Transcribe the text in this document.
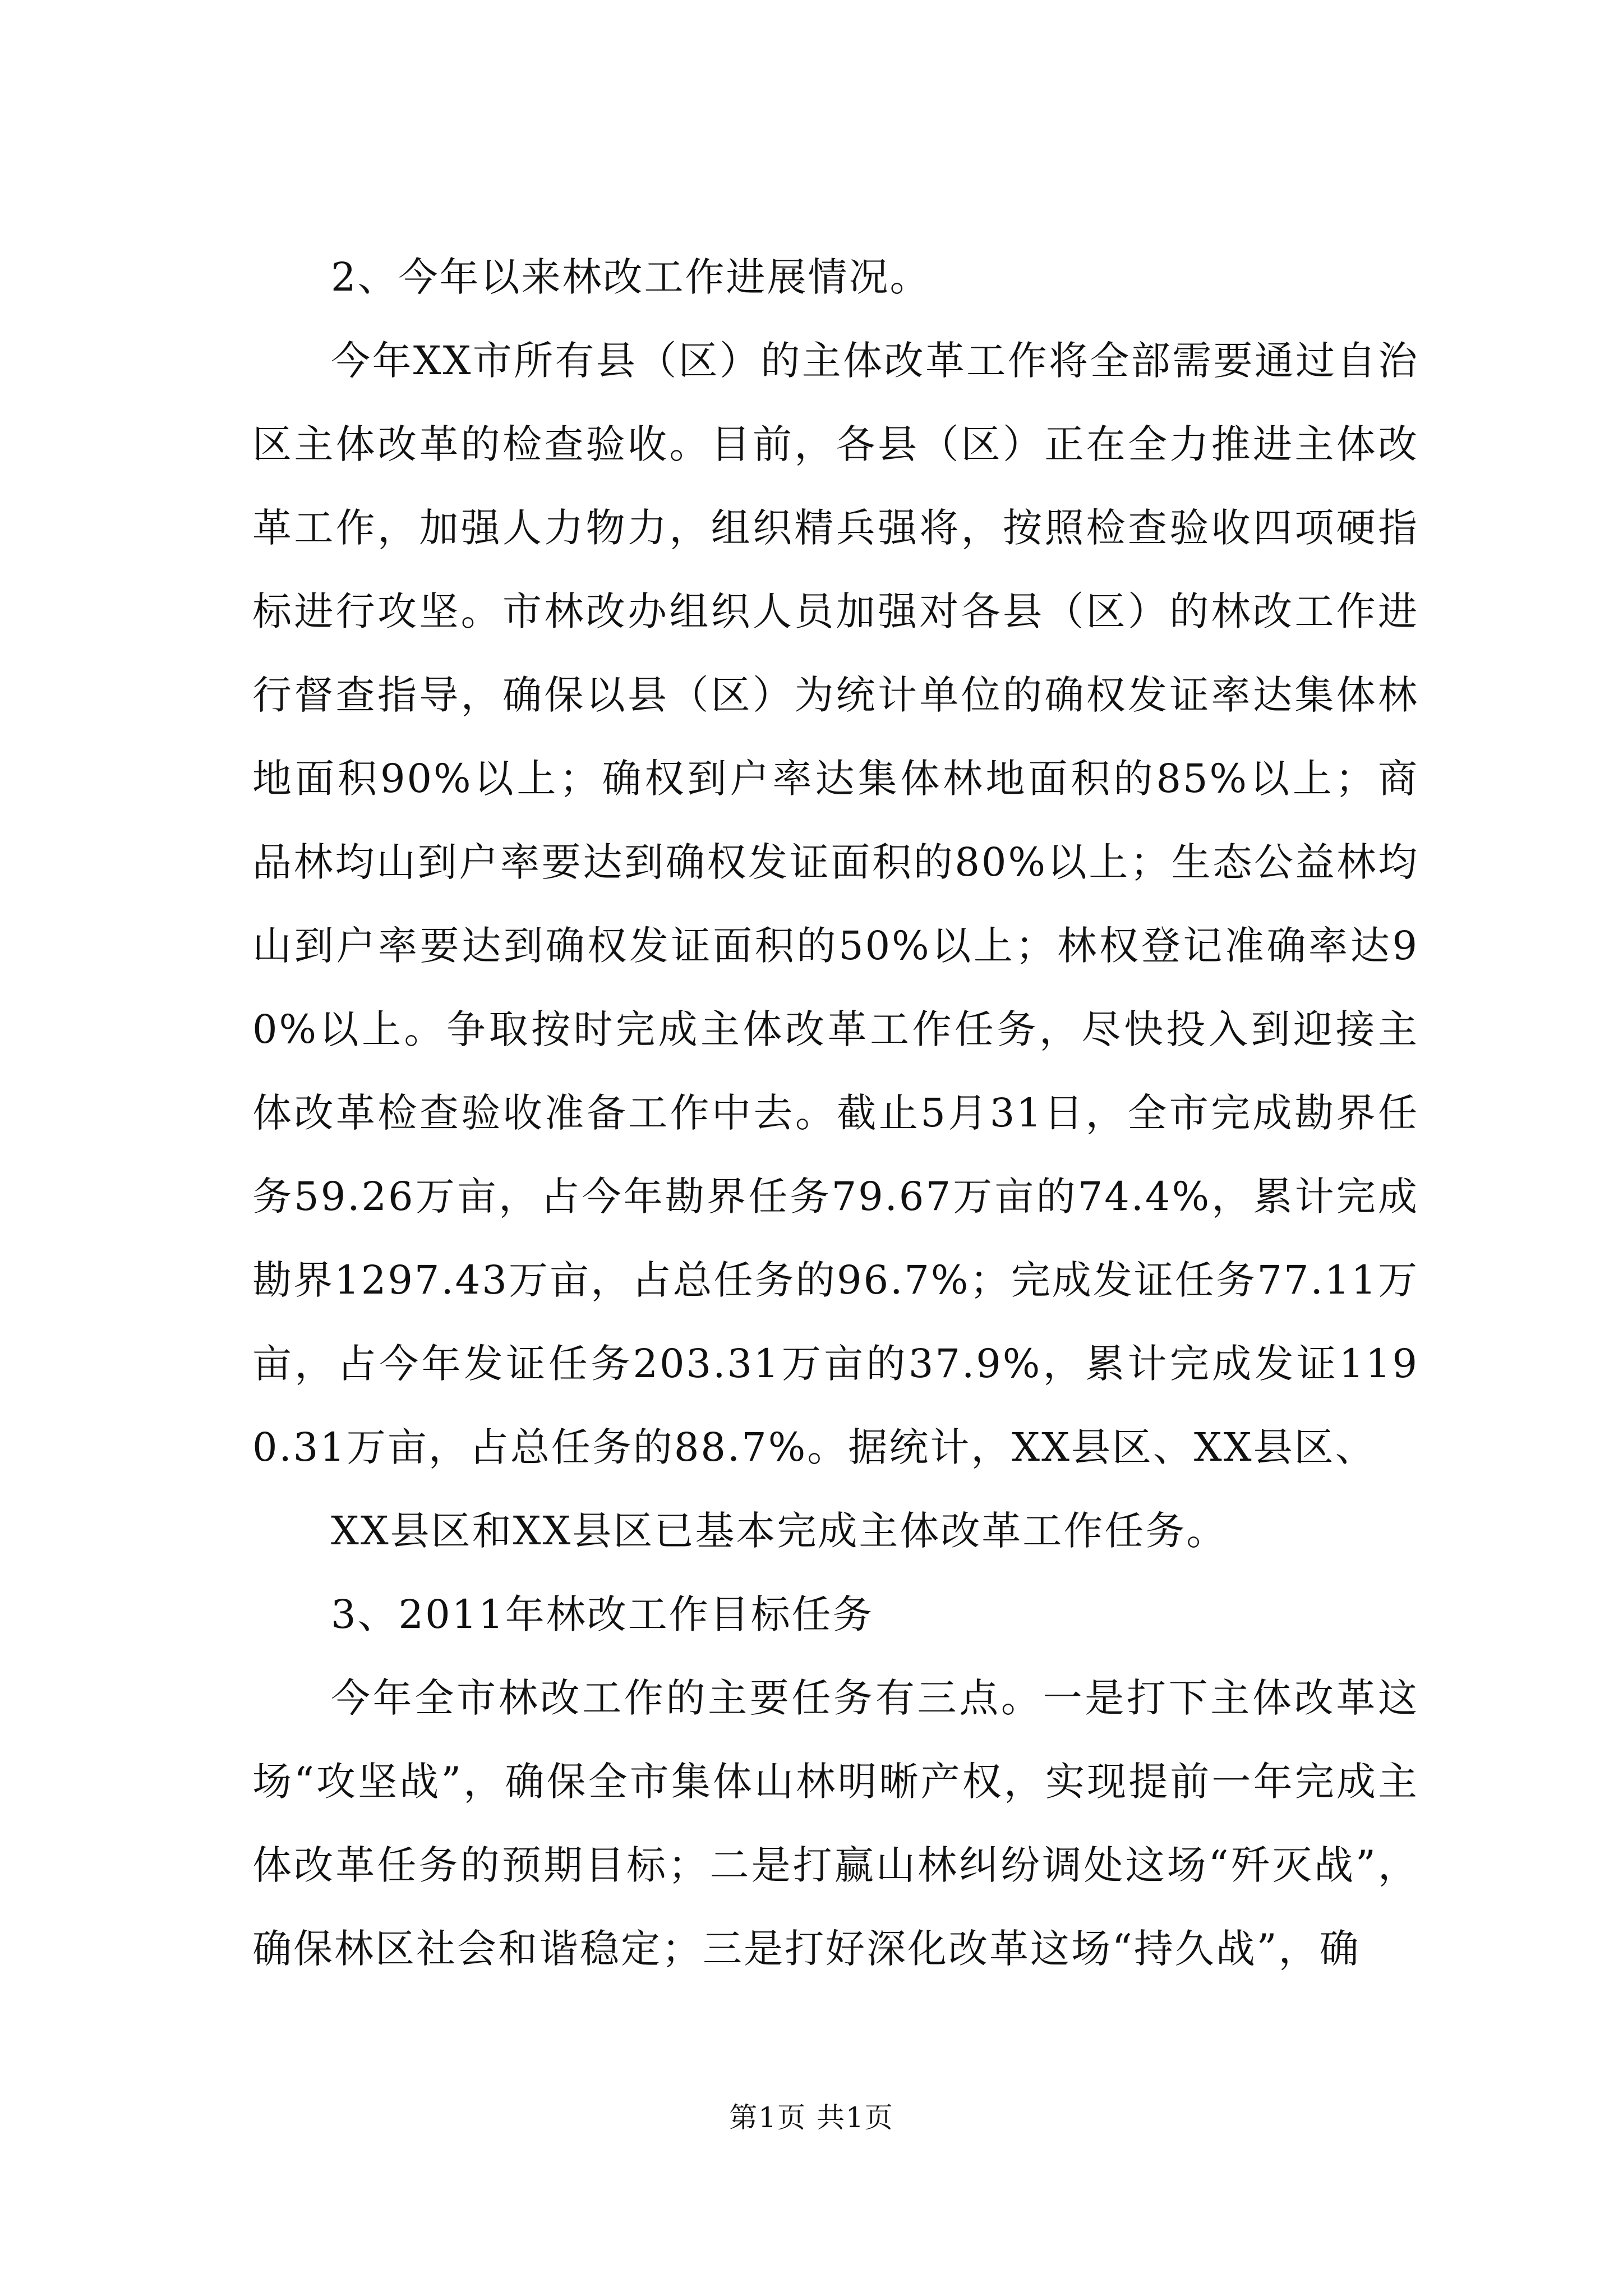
2、今年以来林改工作进展情况。

今年XX市所有县（区）的主体改革工作将全部需要通过自治区主体改革的检查验收。目前，各县（区）正在全力推进主体改革工作，加强人力物力，组织精兵强将，按照检查验收四项硬指标进行攻坚。市林改办组织人员加强对各县（区）的林改工作进行督查指导，确保以县（区）为统计单位的确权发证率达集体林地面积90%以上；确权到户率达集体林地面积的85%以上；商品林均山到户率要达到确权发证面积的80%以上；生态公益林均山到户率要达到确权发证面积的50%以上；林权登记准确率达90%以上。争取按时完成主体改革工作任务，尽快投入到迎接主体改革检查验收准备工作中去。截止5月31日，全市完成勘界任务59.26万亩，占今年勘界任务79.67万亩的74.4%，累计完成勘界1297.43万亩，占总任务的96.7%；完成发证任务77.11万亩，占今年发证任务203.31万亩的37.9%，累计完成发证1190.31万亩，占总任务的88.7%。据统计，XX县区、XX县区、

XX县区和XX县区已基本完成主体改革工作任务。

3、2011年林改工作目标任务

今年全市林改工作的主要任务有三点。一是打下主体改革这场“攻坚战”，确保全市集体山林明晰产权，实现提前一年完成主体改革任务的预期目标；二是打赢山林纠纷调处这场“歼灭战”，确保林区社会和谐稳定；三是打好深化改革这场“持久战”，确

第1页 共1页
